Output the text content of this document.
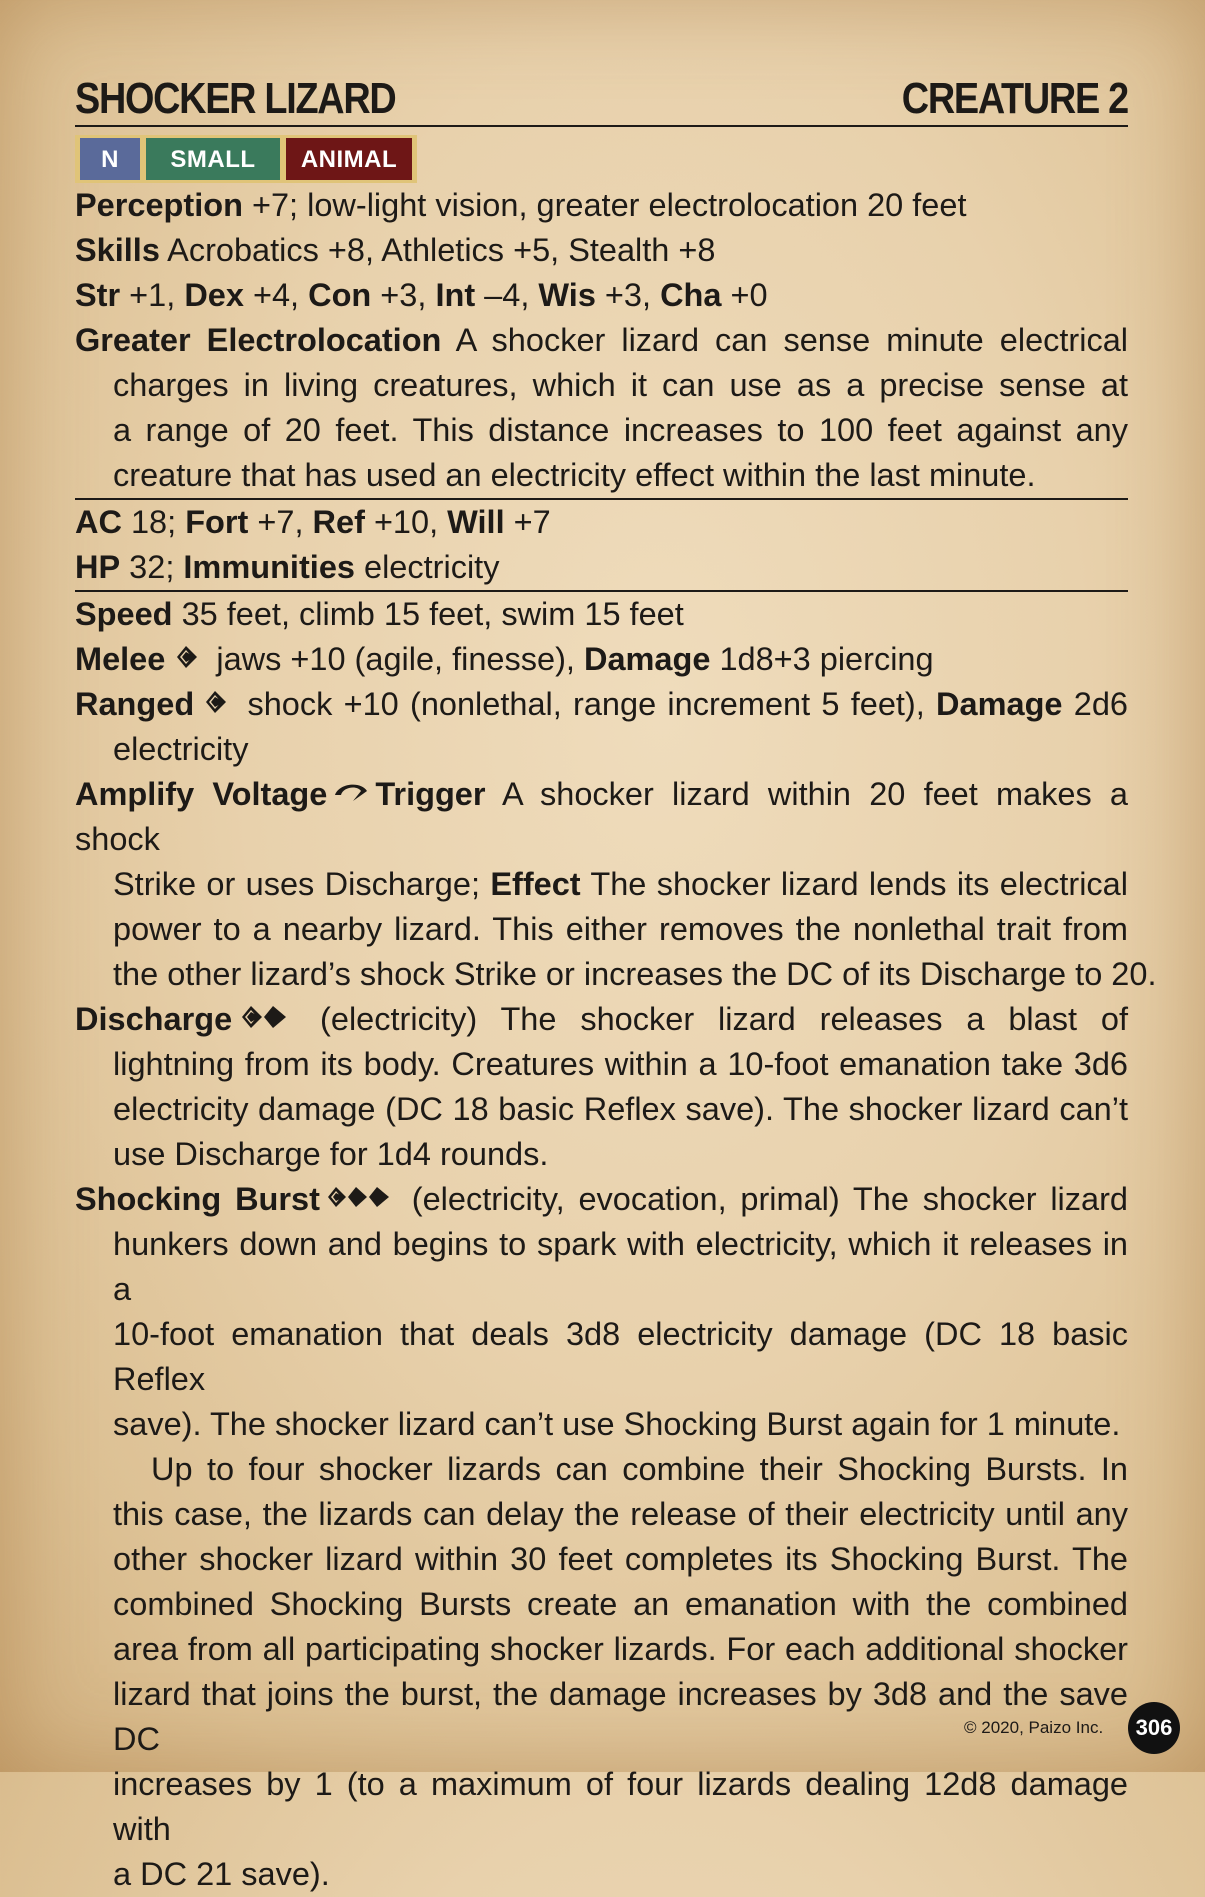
SHOCKER LIZARD	CREATURE 2
N	SMALL	ANIMAL
Perception +7; low-light vision, greater electrolocation 20 feet
Skills Acrobatics +8, Athletics +5, Stealth +8
Str +1, Dex +4, Con +3, Int –4, Wis +3, Cha +0
Greater Electrolocation A shocker lizard can sense minute electrical
charges in living creatures, which it can use as a precise sense at
a range of 20 feet. This distance increases to 100 feet against any
creature that has used an electricity effect within the last minute.
AC 18; Fort +7, Ref +10, Will +7
HP 32; Immunities electricity
Speed 35 feet, climb 15 feet, swim 15 feet
Melee jaws +10 (agile, finesse), Damage 1d8+3 piercing
Ranged shock +10 (nonlethal, range increment 5 feet), Damage 2d6
electricity
Amplify Voltage Trigger A shocker lizard within 20 feet makes a shock
Strike or uses Discharge; Effect The shocker lizard lends its electrical
power to a nearby lizard. This either removes the nonlethal trait from
the other lizard’s shock Strike or increases the DC of its Discharge to 20.
Discharge (electricity) The shocker lizard releases a blast of
lightning from its body. Creatures within a 10-foot emanation take 3d6
electricity damage (DC 18 basic Reflex save). The shocker lizard can’t
use Discharge for 1d4 rounds.
Shocking Burst (electricity, evocation, primal) The shocker lizard
hunkers down and begins to spark with electricity, which it releases in a
10-foot emanation that deals 3d8 electricity damage (DC 18 basic Reflex
save). The shocker lizard can’t use Shocking Burst again for 1 minute.
Up to four shocker lizards can combine their Shocking Bursts. In
this case, the lizards can delay the release of their electricity until any
other shocker lizard within 30 feet completes its Shocking Burst. The
combined Shocking Bursts create an emanation with the combined
area from all participating shocker lizards. For each additional shocker
lizard that joins the burst, the damage increases by 3d8 and the save DC
increases by 1 (to a maximum of four lizards dealing 12d8 damage with
a DC 21 save).
© 2020, Paizo Inc.	306
